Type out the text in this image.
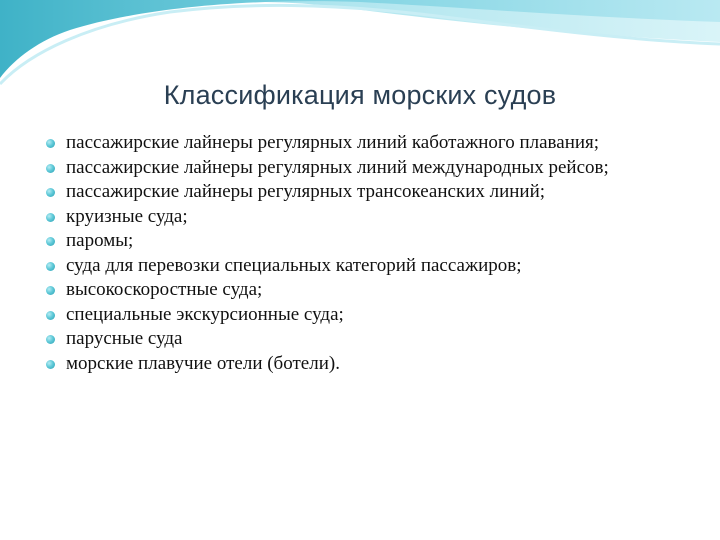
Классификация морских судов
пассажирские лайнеры регулярных линий каботажного плавания;
пассажирские лайнеры регулярных линий международных рейсов;
пассажирские лайнеры регулярных трансокеанских линий;
круизные суда;
паромы;
суда для перевозки специальных категорий пассажиров;
высокоскоростные суда;
специальные экскурсионные суда;
парусные суда
морские плавучие отели (ботели).
